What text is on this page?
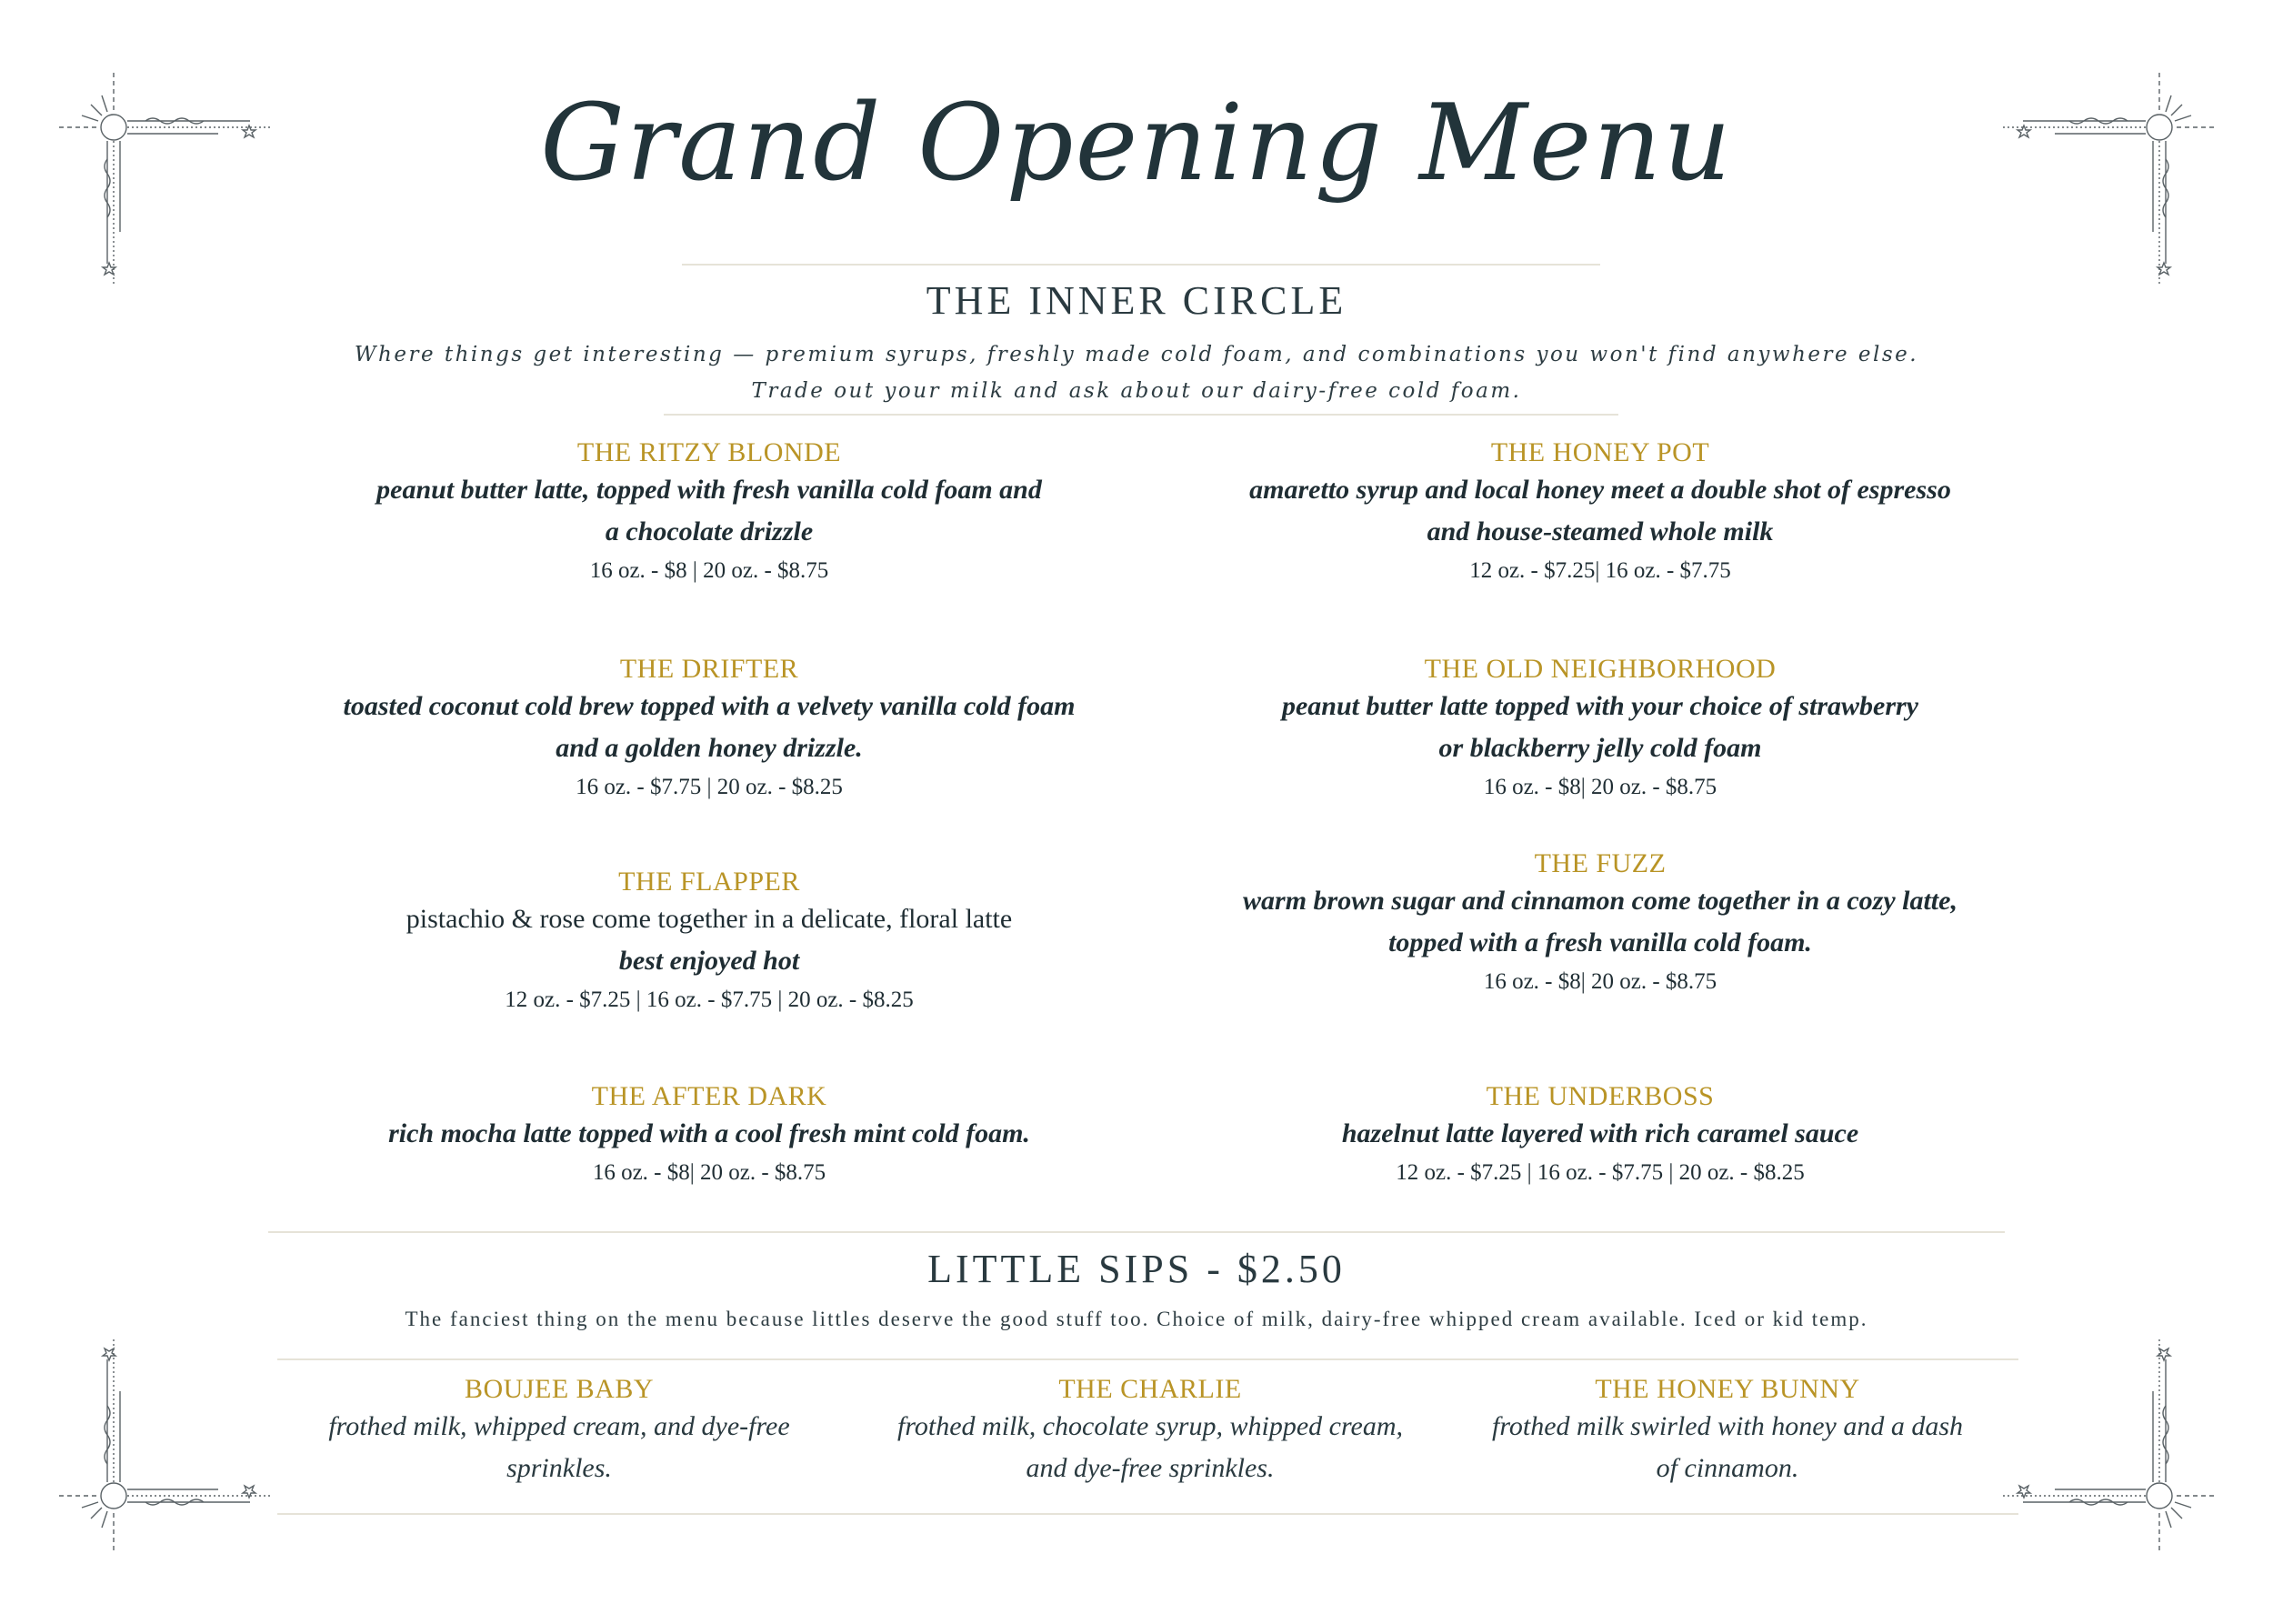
Grand Opening Menu
THE INNER CIRCLE
Where things get interesting — premium syrups, freshly made cold foam, and combinations you won't find anywhere else.
Trade out your milk and ask about our dairy-free cold foam.
THE RITZY BLONDE
peanut butter latte, topped with fresh vanilla cold foam and
a chocolate drizzle
16 oz. - $8 | 20 oz. - $8.75
THE DRIFTER
toasted coconut cold brew topped with a velvety vanilla cold foam
and a golden honey drizzle.
16 oz. - $7.75 | 20 oz. - $8.25
THE FLAPPER
pistachio & rose come together in a delicate, floral latte
best enjoyed hot
12 oz. - $7.25 | 16 oz. - $7.75 | 20 oz. - $8.25
THE AFTER DARK
rich mocha latte topped with a cool fresh mint cold foam.
16 oz. - $8| 20 oz. - $8.75
THE HONEY POT
amaretto syrup and local honey meet a double shot of espresso
and house-steamed whole milk
12 oz. - $7.25| 16 oz. - $7.75
THE OLD NEIGHBORHOOD
peanut butter latte topped with your choice of strawberry
or blackberry jelly cold foam
16 oz. - $8| 20 oz. - $8.75
THE FUZZ
warm brown sugar and cinnamon come together in a cozy latte,
topped with a fresh vanilla cold foam.
16 oz. - $8| 20 oz. - $8.75
THE UNDERBOSS
hazelnut latte layered with rich caramel sauce
12 oz. - $7.25 | 16 oz. - $7.75 | 20 oz. - $8.25
LITTLE SIPS - $2.50
The fanciest thing on the menu because littles deserve the good stuff too. Choice of milk, dairy-free whipped cream available. Iced or kid temp.
BOUJEE BABY
frothed milk, whipped cream, and dye-free
sprinkles.
THE CHARLIE
frothed milk, chocolate syrup, whipped cream,
and dye-free sprinkles.
THE HONEY BUNNY
frothed milk swirled with honey and a dash
of cinnamon.
